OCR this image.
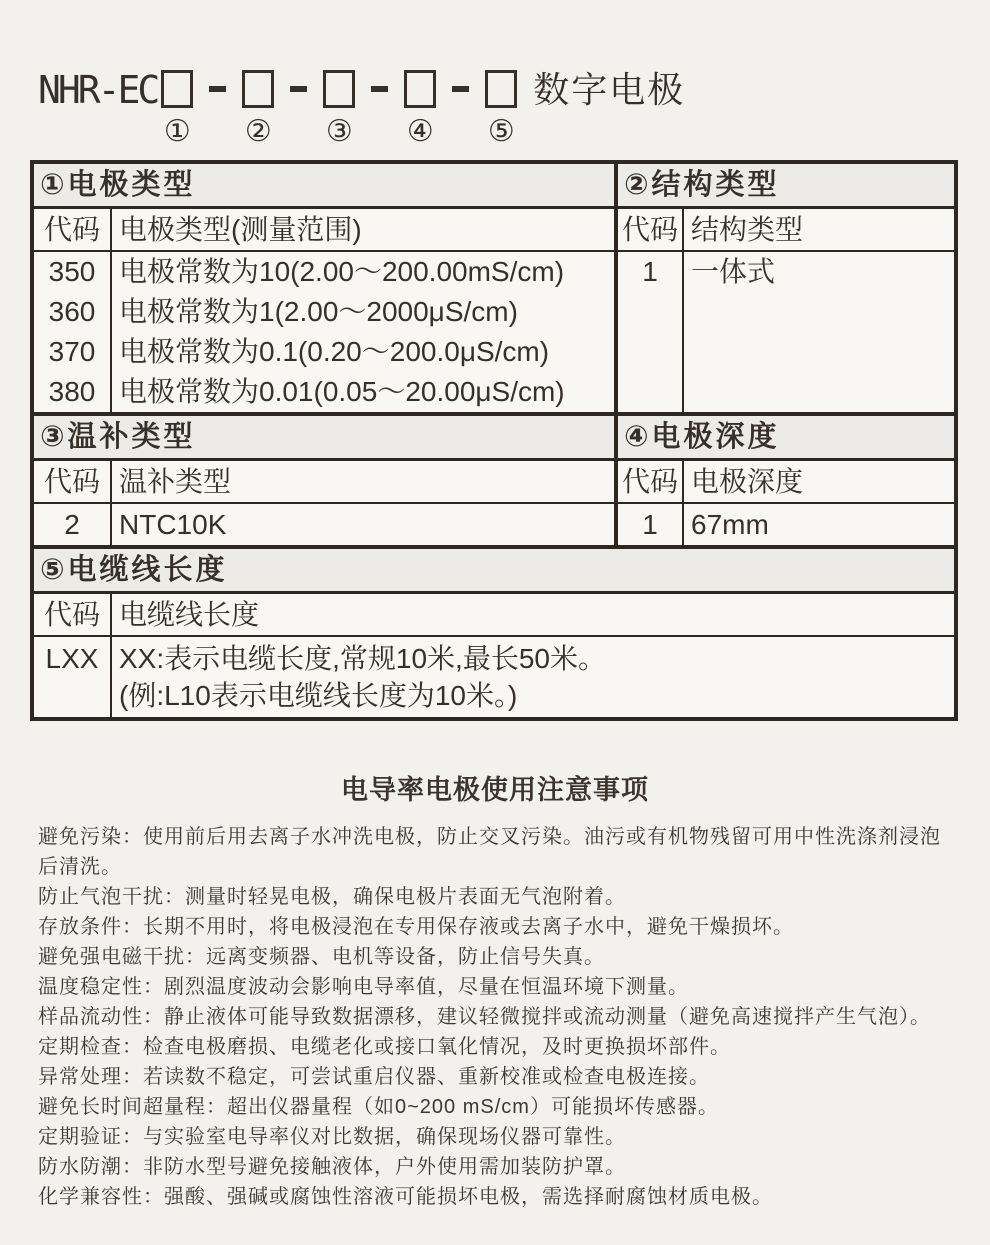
NHR-EC
① ② ③ ④ ⑤
数字电极
①电极类型
代码 电极类型(测量范围)
350 电极常数为10(2.00～200.00mS/cm)
360 电极常数为1(2.00～2000μS/cm)
370 电极常数为0.1(0.20～200.0μS/cm)
380 电极常数为0.01(0.05～20.00μS/cm)
②结构类型
代码 结构类型
1	一体式
③温补类型
代码 温补类型
2	NTC10K
④电极深度
代码 电极深度
1	67mm
⑤电缆线长度
代码 电缆线长度
LXX XX:表示电缆长度,常规10米,最长50米。
(例:L10表示电缆线长度为10米。)
电导率电极使用注意事项

避免污染：使用前后用去离子水冲洗电极，防止交叉污染。油污或有机物残留可用中性洗涤剂浸泡后清洗。

防止气泡干扰：测量时轻晃电极，确保电极片表面无气泡附着。

存放条件：长期不用时，将电极浸泡在专用保存液或去离子水中，避免干燥损坏。

避免强电磁干扰：远离变频器、电机等设备，防止信号失真。

温度稳定性：剧烈温度波动会影响电导率值，尽量在恒温环境下测量。

样品流动性：静止液体可能导致数据漂移，建议轻微搅拌或流动测量（避免高速搅拌产生气泡）。

定期检查：检查电极磨损、电缆老化或接口氧化情况，及时更换损坏部件。

异常处理：若读数不稳定，可尝试重启仪器、重新校准或检查电极连接。

避免长时间超量程：超出仪器量程（如0~200 mS/cm）可能损坏传感器。

定期验证：与实验室电导率仪对比数据，确保现场仪器可靠性。

防水防潮：非防水型号避免接触液体，户外使用需加装防护罩。

化学兼容性：强酸、强碱或腐蚀性溶液可能损坏电极，需选择耐腐蚀材质电极。
